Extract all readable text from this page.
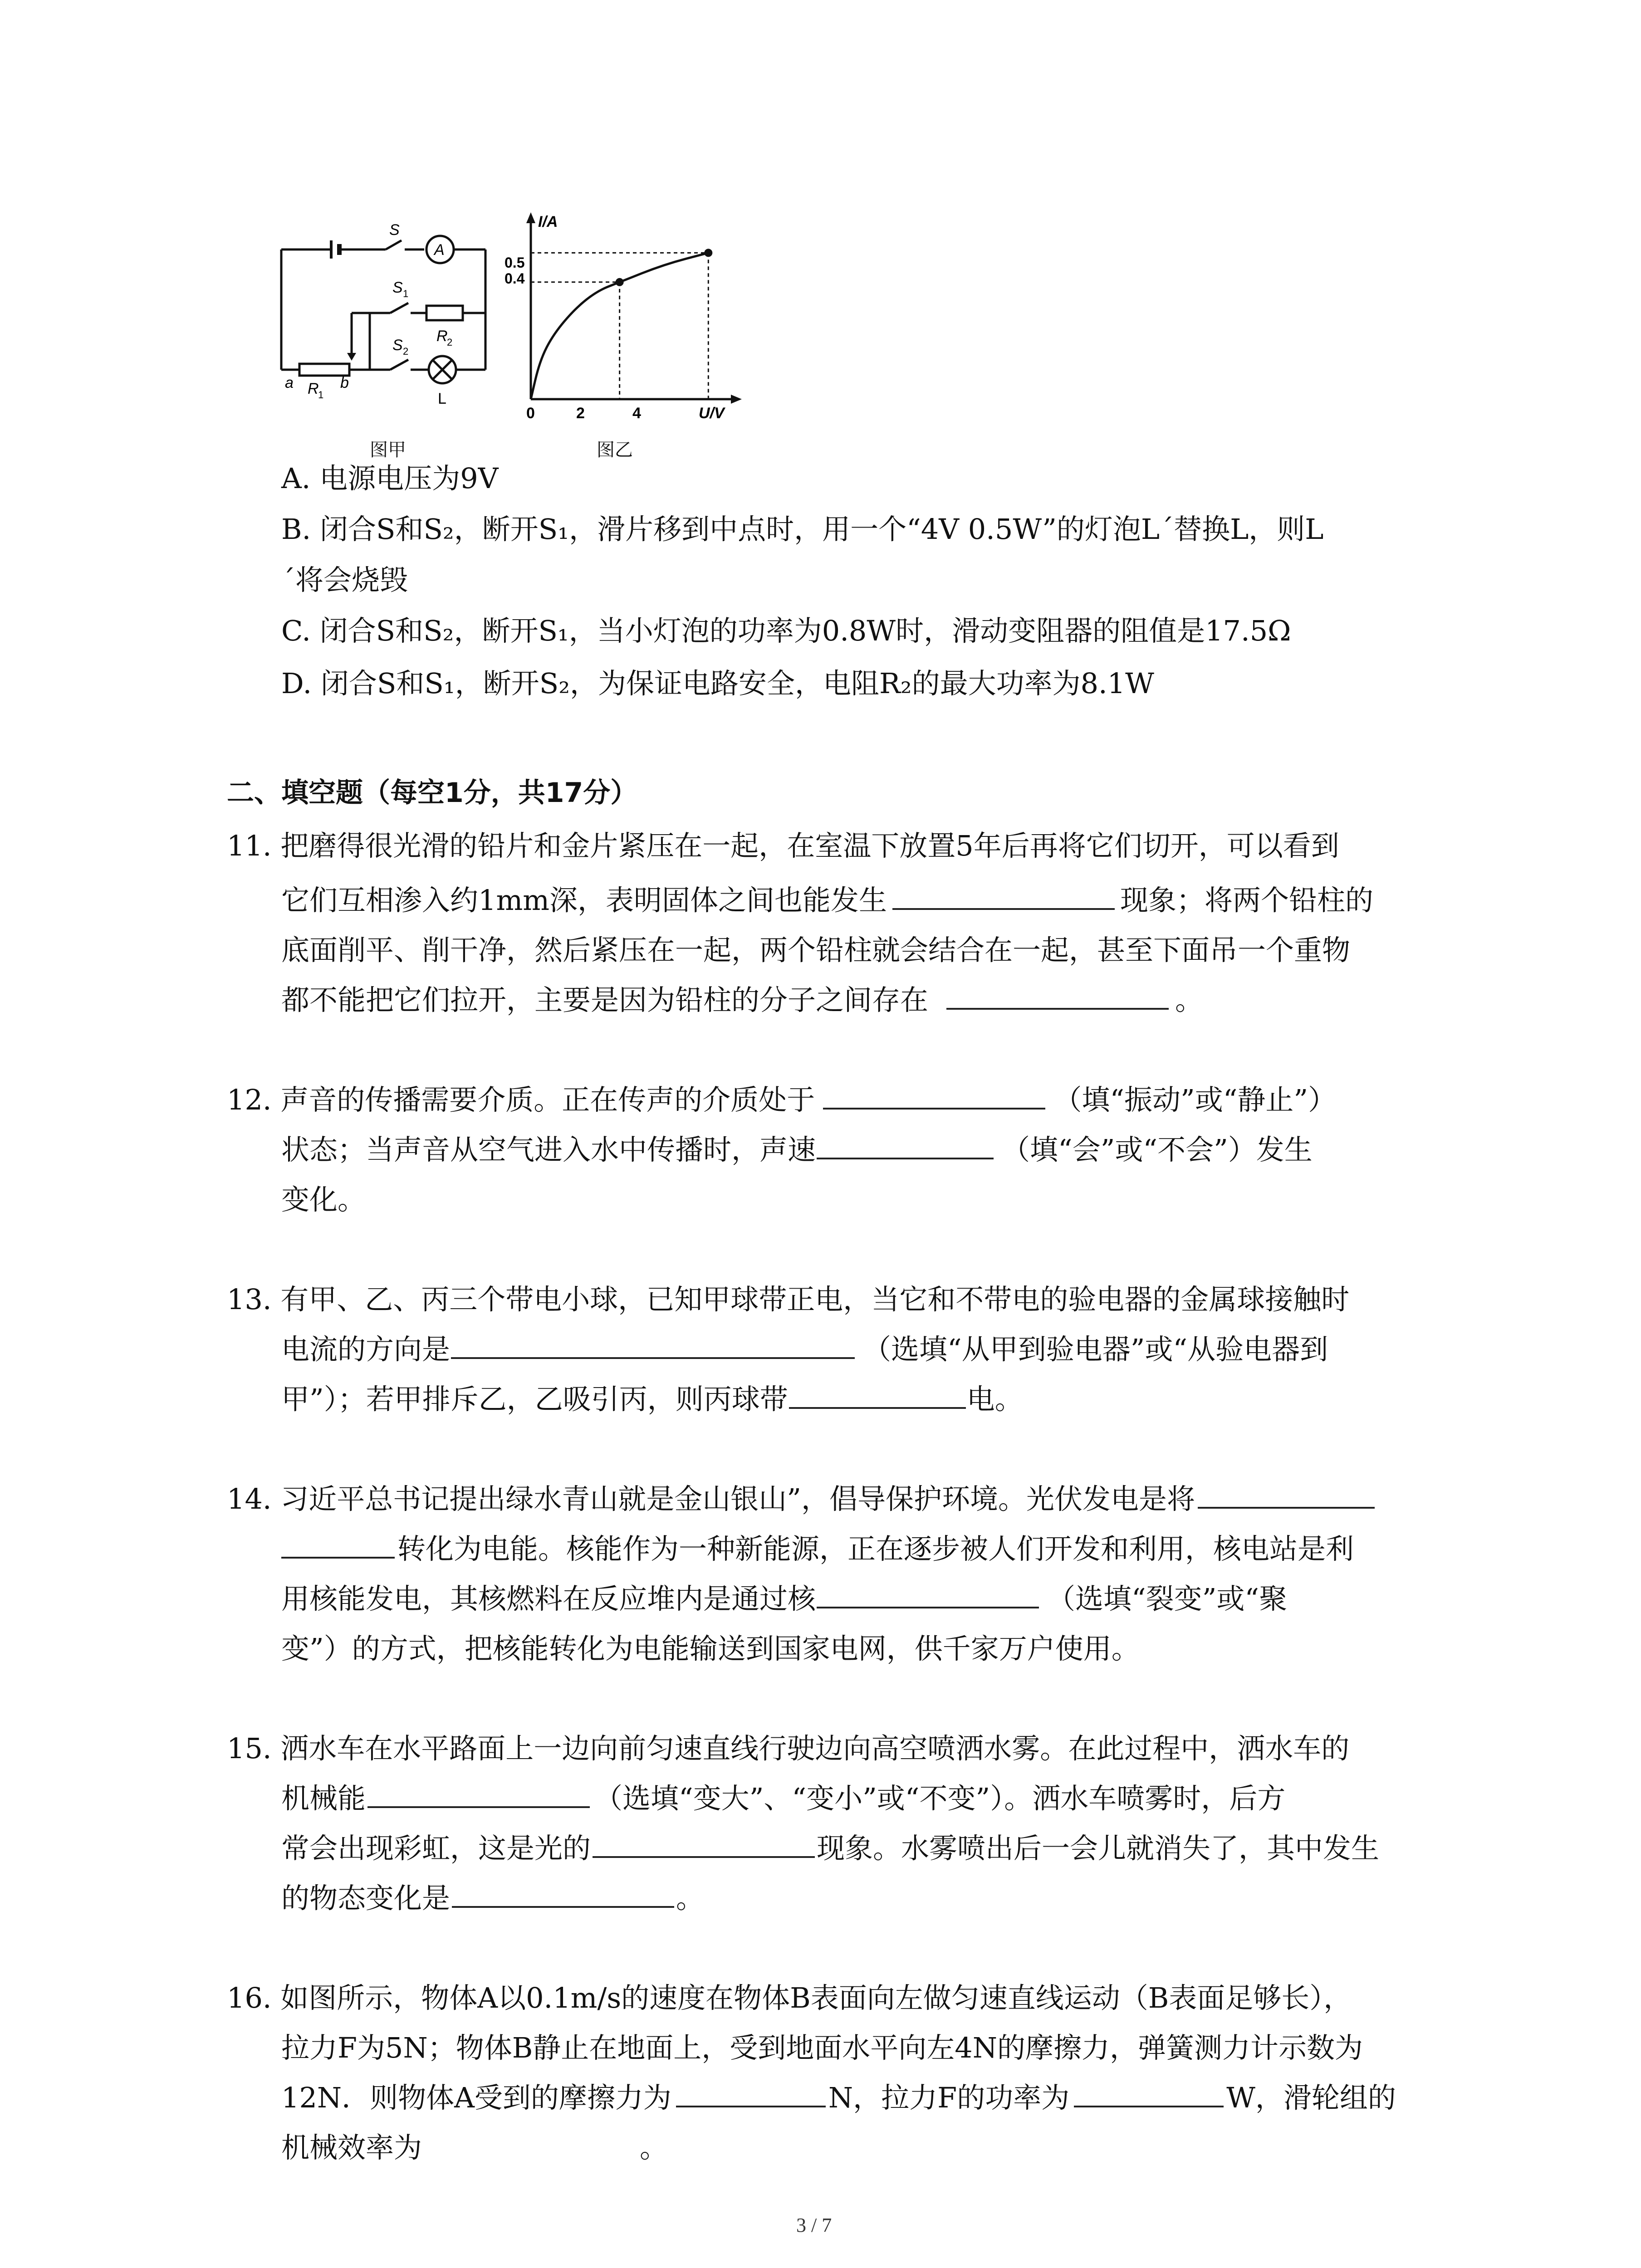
S
A
S 1
R
2
S 2
L
a R
1
b
图甲
I/A
U/V
0.5
0.4
0	2	4
图乙
A. 电源电压为9V
B. 闭合S和S₂，断开S₁，滑片移到中点时，用一个“4V 0.5W”的灯泡L´替换L，则L
´将会烧毁
C. 闭合S和S₂，断开S₁，当小灯泡的功率为0.8W时，滑动变阻器的阻值是17.5Ω
D. 闭合S和S₁，断开S₂，为保证电路安全，电阻R₂的最大功率为8.1W
二、填空题（每空1分，共17分）
11. 把磨得很光滑的铅片和金片紧压在一起，在室温下放置5年后再将它们切开，可以看到
它们互相渗入约1mm深，表明固体之间也能发生	现象；将两个铅柱的
底面削平、削干净，然后紧压在一起，两个铅柱就会结合在一起，甚至下面吊一个重物
都不能把它们拉开，主要是因为铅柱的分子之间存在	。
12. 声音的传播需要介质。正在传声的介质处于	（填“振动”或“静止”）
状态；当声音从空气进入水中传播时，声速	（填“会”或“不会”）发生
变化。
13. 有甲、乙、丙三个带电小球，已知甲球带正电，当它和不带电的验电器的金属球接触时
电流的方向是	（选填“从甲到验电器”或“从验电器到
甲”）；若甲排斥乙，乙吸引丙，则丙球带	电。
14. 习近平总书记提出绿水青山就是金山银山”，倡导保护环境。光伏发电是将
转化为电能。核能作为一种新能源，正在逐步被人们开发和利用，核电站是利
用核能发电，其核燃料在反应堆内是通过核	（选填“裂变”或“聚
变”）的方式，把核能转化为电能输送到国家电网，供千家万户使用。
15. 洒水车在水平路面上一边向前匀速直线行驶边向高空喷洒水雾。在此过程中，洒水车的
机械能	（选填“变大”、“变小”或“不变”）。洒水车喷雾时，后方
常会出现彩虹，这是光的	现象。水雾喷出后一会儿就消失了，其中发生
的物态变化是	。
16. 如图所示，物体A以0.1m/s的速度在物体B表面向左做匀速直线运动（B表面足够长），
拉力F为5N；物体B静止在地面上，受到地面水平向左4N的摩擦力，弹簧测力计示数为
12N．则物体A受到的摩擦力为	N，拉力F的功率为	W，滑轮组的
机械效率为	。
3 / 7
